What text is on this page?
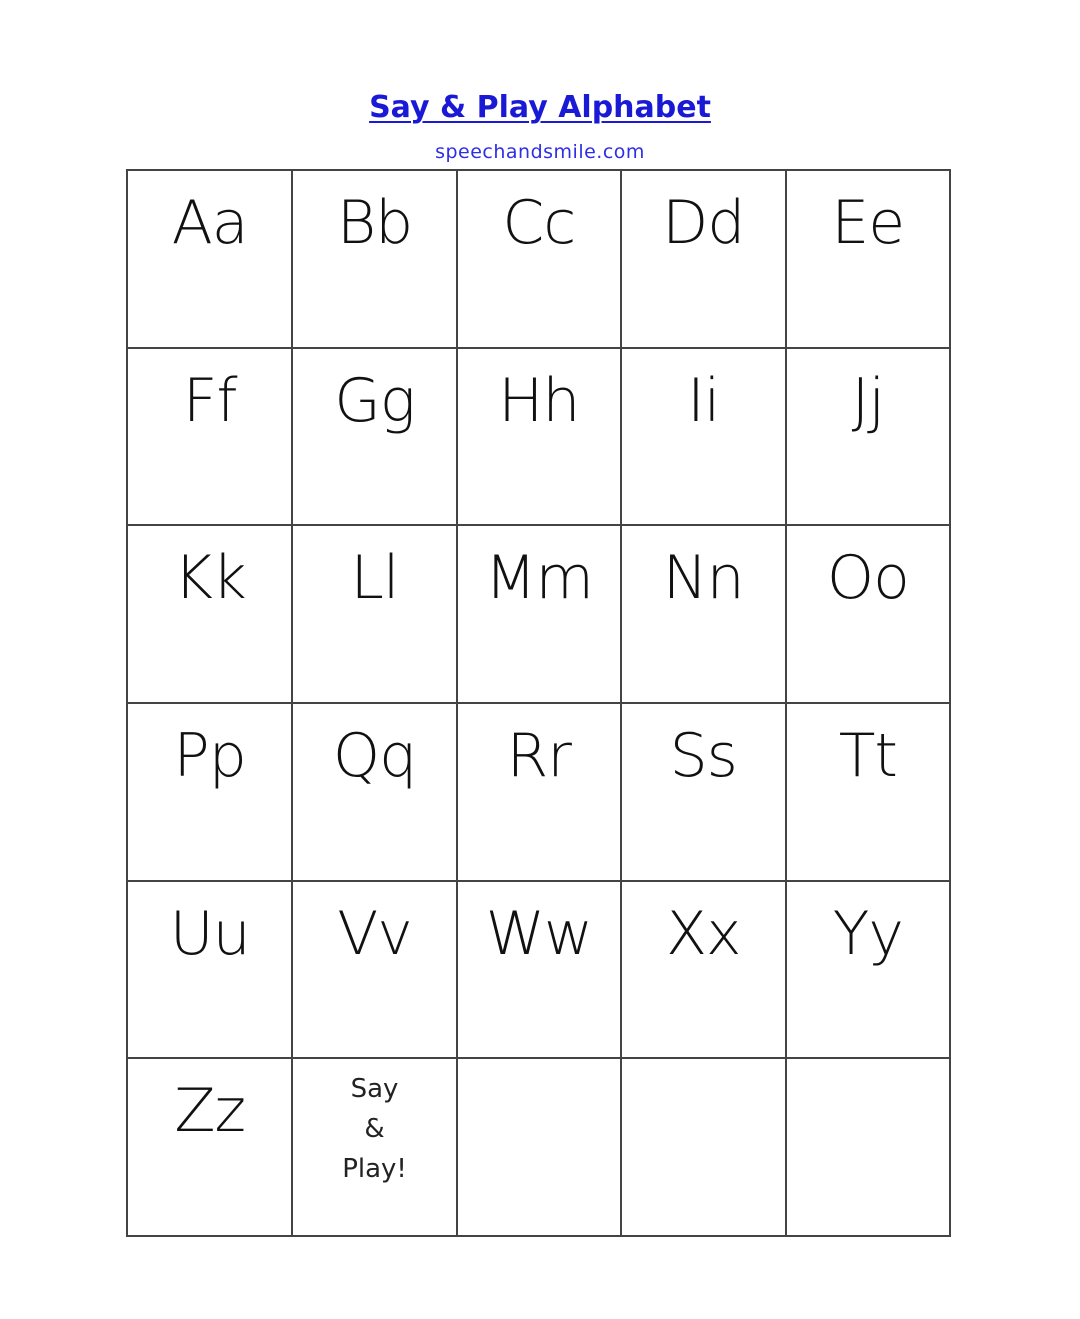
Say & Play Alphabet
speechandsmile.com
Aa	Bb	Cc	Dd	Ee
Ff	Gg	Hh	Ii	Jj
Kk	Ll	Mm	Nn	Oo
Pp	Qq	Rr	Ss	Tt
Uu	Vv	Ww	Xx	Yy
Zz	Say
&
Play!
